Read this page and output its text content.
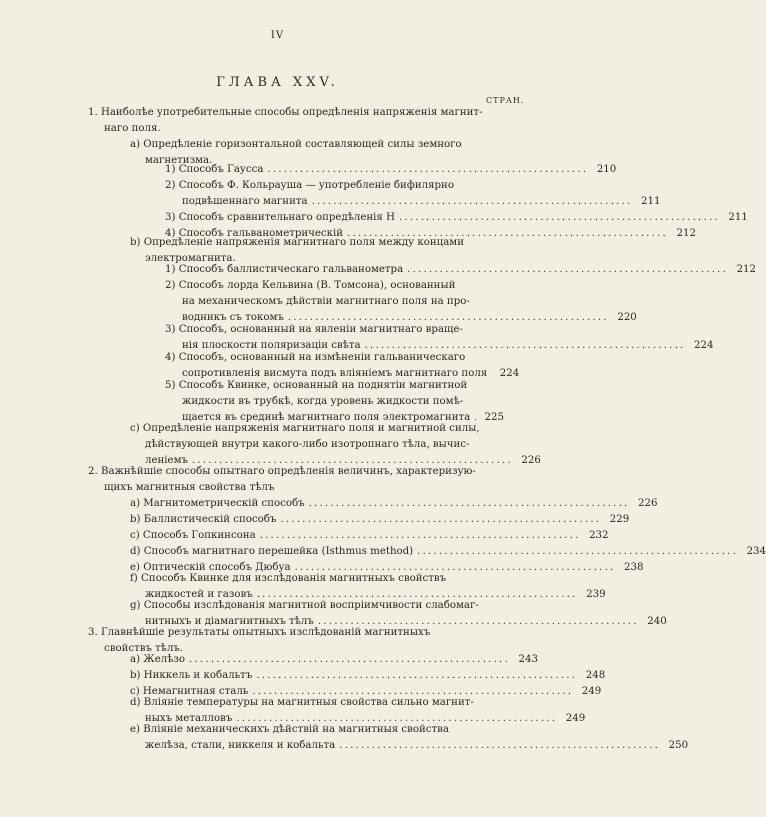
IV
ГЛАВА XXV.
СТРАН.
1. Наиболѣе употребительные способы опредѣленія напряженія магнит-
наго поля.
a) Опредѣленіе горизонтальной составляющей силы земного
магнетизма.
1) Способъ Гаусса ........................................................... 210
2) Способъ Ф. Кольрауша — употребленіе бифилярно
подвѣшеннаго магнита ........................................................... 211
3) Способъ сравнительнаго опредѣленія H ........................................................... 211
4) Способъ гальванометрическій ........................................................... 212
b) Опредѣленіе напряженія магнитнаго поля между концами
электромагнита.
1) Способъ баллистическаго гальванометра ........................................................... 212
2) Способъ лорда Кельвина (В. Томсона), основанный
на механическомъ дѣйствіи магнитнаго поля на про-
водникъ съ токомъ ........................................................... 220
3) Способъ, основанный на явленіи магнитнаго враще-
нія плоскости поляризаціи свѣта ........................................................... 224
4) Способъ, основанный на измѣненіи гальваническаго
сопротивленія висмута подъ вліяніемъ магнитнаго поля 224
5) Способъ Квинке, основанный на поднятіи магнитной
жидкости въ трубкѣ, когда уровень жидкости помѣ-
щается въ срединѣ магнитнаго поля электромагнита 225
c) Опредѣленіе напряженія магнитнаго поля и магнитной силы,
дѣйствующей внутри какого-либо изотропнаго тѣла, вычис-
леніемъ ........................................................... 226
2. Важнѣйшіе способы опытнаго опредѣленія величинъ, характеризую-
щихъ магнитныя свойства тѣлъ
a) Магнитометрическій способъ ........................................................... 226
b) Баллистическій способъ ........................................................... 229
c) Способъ Гопкинсона ........................................................... 232
d) Способъ магнитнаго перешейка (Isthmus method) ........................................................... 234
e) Оптическій способъ Дюбуа ........................................................... 238
f) Способъ Квинке для изслѣдованія магнитныхъ свойствъ
жидкостей и газовъ ........................................................... 239
g) Способы изслѣдованія магнитной воспріимчивости слабомаг-
нитныхъ и діамагнитныхъ тѣлъ ........................................................... 240
3. Главнѣйшіе результаты опытныхъ изслѣдованій магнитныхъ
свойствъ тѣлъ.
a) Желѣзо ........................................................... 243
b) Никкель и кобальтъ ........................................................... 248
c) Немагнитная сталь ........................................................... 249
d) Вліяніе температуры на магнитныя свойства сильно магнит-
ныхъ металловъ ........................................................... 249
e) Вліяніе механическихъ дѣйствій на магнитныя свойства
желѣза, стали, никкеля и кобальта ........................................................... 250
